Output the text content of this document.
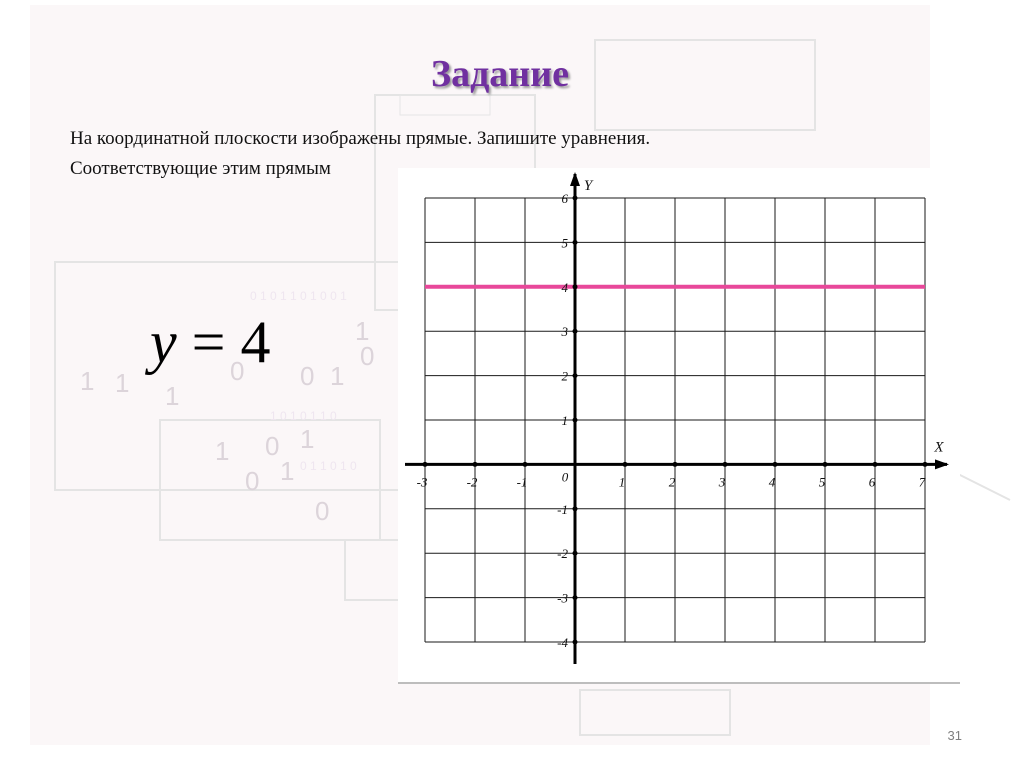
1 1 1
0 0 1
1 0 1
0 1
0
1
0
0 1 0 1 1 0 1 0 0 1
1 0 1 0 1 1 0
0 1 1 0 1 0
Задание
На координатной плоскости изображены прямые. Запишите уравнения.
Соответствующие этим прямым
y = 4
-3	-2	-1	1	2	3	4	5	6	7
-4
-3
-2
-1
1
2
3
4
5
6
0
X
Y
31
